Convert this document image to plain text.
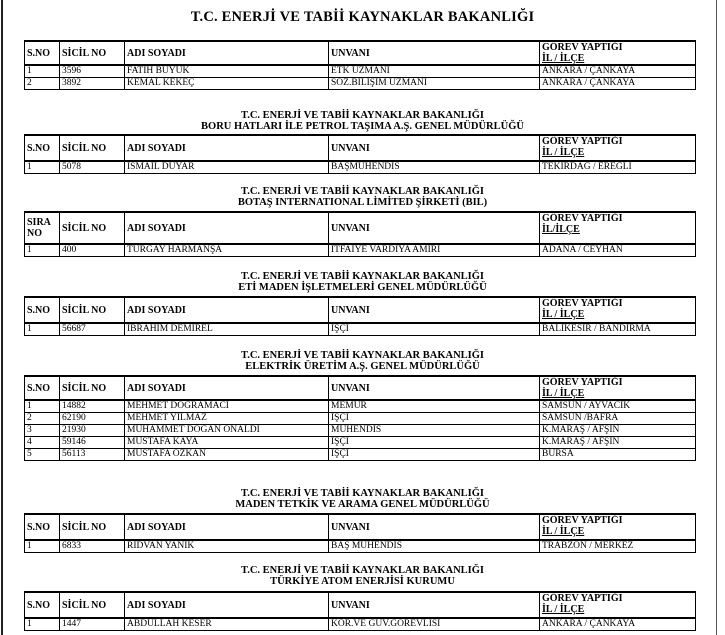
T.C. ENERJİ VE TABİİ KAYNAKLAR BAKANLIĞI
S.NO	SİCİL NO	ADI SOYADI	UNVANI	GÖREV YAPTIĞI
İL / İLÇE

1	3596	FATİH BÜYÜK	ETK UZMANI	ANKARA / ÇANKAYA
2	3892	KEMAL KEKEÇ	SÖZ.BİLİŞİM UZMANI	ANKARA / ÇANKAYA
T.C. ENERJİ VE TABİİ KAYNAKLAR BAKANLIĞI
BORU HATLARI İLE PETROL TAŞIMA A.Ş. GENEL MÜDÜRLÜĞÜ
S.NO	SİCİL NO	ADI SOYADI	UNVANI	GÖREV YAPTIĞI
İL / İLÇE

1	5078	İSMAİL DUYAR	BAŞMÜHENDİS	TEKİRDAĞ / EREĞLİ
T.C. ENERJİ VE TABİİ KAYNAKLAR BAKANLIĞI
BOTAŞ INTERNATIONAL LİMİTED ŞİRKETİ (BIL)
SIRA NO	SİCİL NO	ADI SOYADI	UNVANI	GÖREV YAPTIĞI
İL/İLÇE

1	400	TURGAY HARMANŞA	İTFAİYE VARDİYA AMİRİ	ADANA / CEYHAN
T.C. ENERJİ VE TABİİ KAYNAKLAR BAKANLIĞI
ETİ MADEN İŞLETMELERİ GENEL MÜDÜRLÜĞÜ
S.NO	SİCİL NO	ADI SOYADI	UNVANI	GÖREV YAPTIĞI
İL / İLÇE

1	56687	İBRAHİM DEMİREL	İŞÇİ	BALIKESİR / BANDIRMA
T.C. ENERJİ VE TABİİ KAYNAKLAR BAKANLIĞI
ELEKTRİK ÜRETİM A.Ş. GENEL MÜDÜRLÜĞÜ
S.NO	SİCİL NO	ADI SOYADI	UNVANI	GÖREV YAPTIĞI
İL / İLÇE

1	14882	MEHMET DOĞRAMACI	MEMUR	SAMSUN / AYVACIK
2	62190	MEHMET YILMAZ	İŞÇİ	SAMSUN /BAFRA
3	21930	MUHAMMET DOĞAN ÖNALDI	MÜHENDİS	K.MARAŞ / AFŞİN
4	59146	MUSTAFA KAYA	İŞÇİ	K.MARAŞ / AFŞİN
5	56113	MUSTAFA ÖZKAN	İŞÇİ	BURSA
T.C. ENERJİ VE TABİİ KAYNAKLAR BAKANLIĞI
MADEN TETKİK VE ARAMA GENEL MÜDÜRLÜĞÜ
S.NO	SİCİL NO	ADI SOYADI	UNVANI	GÖREV YAPTIĞI
İL / İLÇE

1	6833	RIDVAN YANIK	BAŞ MÜHENDİS	TRABZON / MERKEZ
T.C. ENERJİ VE TABİİ KAYNAKLAR BAKANLIĞI
TÜRKİYE ATOM ENERJİSİ KURUMU
S.NO	SİCİL NO	ADI SOYADI	UNVANI	GÖREV YAPTIĞI
İL / İLÇE

1	1447	ABDULLAH KESER	KOR.VE GÜV.GÖREVLİSİ	ANKARA / ÇANKAYA
